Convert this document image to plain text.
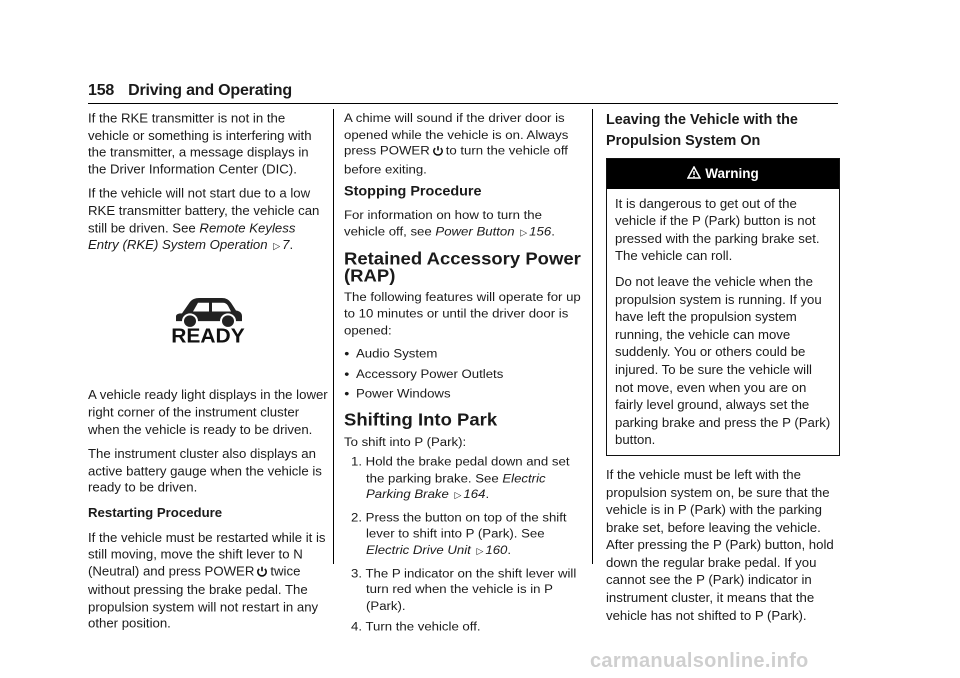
158 Driving and Operating

If the RKE transmitter is not in the vehicle or something is interfering with the transmitter, a message displays in the Driver Information Center (DIC).

If the vehicle will not start due to a low RKE transmitter battery, the vehicle can still be driven. See Remote Keyless Entry (RKE) System Operation ▷ 7.

READY

A vehicle ready light displays in the lower right corner of the instrument cluster when the vehicle is ready to be driven.

The instrument cluster also displays an active battery gauge when the vehicle is ready to be driven.

Restarting Procedure

If the vehicle must be restarted while it is still moving, move the shift lever to N (Neutral) and press POWER twice without pressing the brake pedal. The propulsion system will not restart in any other position.

A chime will sound if the driver door is opened while the vehicle is on. Always press POWER to turn the vehicle off before exiting.

Stopping Procedure

For information on how to turn the vehicle off, see Power Button ▷ 156.

Retained Accessory Power (RAP)

The following features will operate for up to 10 minutes or until the driver door is opened:

● Audio System
● Accessory Power Outlets
● Power Windows
Shifting Into Park

To shift into P (Park):

1. Hold the brake pedal down and set the parking brake. See Electric Parking Brake ▷ 164.
2. Press the button on top of the shift lever to shift into P (Park). See Electric Drive Unit ▷ 160.
3. The P indicator on the shift lever will turn red when the vehicle is in P (Park).
4. Turn the vehicle off.
Leaving the Vehicle with the Propulsion System On
Warning

It is dangerous to get out of the vehicle if the P (Park) button is not pressed with the parking brake set. The vehicle can roll.

Do not leave the vehicle when the propulsion system is running. If you have left the propulsion system running, the vehicle can move suddenly. You or others could be injured. To be sure the vehicle will not move, even when you are on fairly level ground, always set the parking brake and press the P (Park) button.

If the vehicle must be left with the propulsion system on, be sure that the vehicle is in P (Park) with the parking brake set, before leaving the vehicle. After pressing the P (Park) button, hold down the regular brake pedal. If you cannot see the P (Park) indicator in instrument cluster, it means that the vehicle has not shifted to P (Park).

carmanualsonline.info
